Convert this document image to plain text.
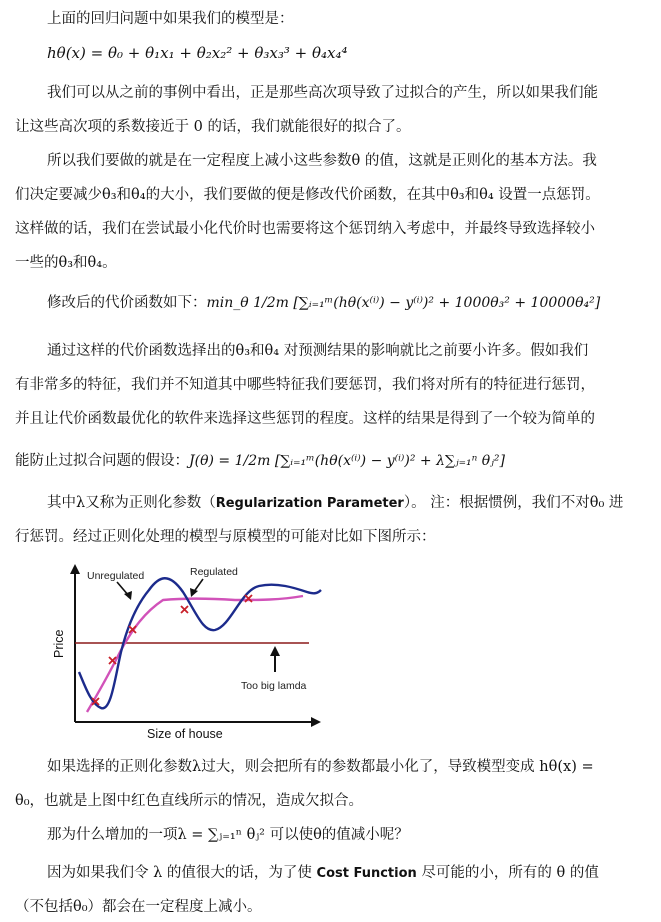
上面的回归问题中如果我们的模型是：
hθ(x) = θ₀ + θ₁x₁ + θ₂x₂² + θ₃x₃³ + θ₄x₄⁴
我们可以从之前的事例中看出，正是那些高次项导致了过拟合的产生，所以如果我们能
让这些高次项的系数接近于 0 的话，我们就能很好的拟合了。
所以我们要做的就是在一定程度上减小这些参数θ 的值，这就是正则化的基本方法。我
们决定要减少θ₃和θ₄的大小，我们要做的便是修改代价函数，在其中θ₃和θ₄ 设置一点惩罚。
这样做的话，我们在尝试最小化代价时也需要将这个惩罚纳入考虑中，并最终导致选择较小
一些的θ₃和θ₄。
修改后的代价函数如下：min_θ 1/2m [∑ᵢ₌₁ᵐ(hθ(x⁽ⁱ⁾) − y⁽ⁱ⁾)² + 1000θ₃² + 10000θ₄²]
通过这样的代价函数选择出的θ₃和θ₄ 对预测结果的影响就比之前要小许多。假如我们
有非常多的特征，我们并不知道其中哪些特征我们要惩罚，我们将对所有的特征进行惩罚，
并且让代价函数最优化的软件来选择这些惩罚的程度。这样的结果是得到了一个较为简单的
能防止过拟合问题的假设：J(θ) = 1/2m [∑ᵢ₌₁ᵐ(hθ(x⁽ⁱ⁾) − y⁽ⁱ⁾)² + λ∑ⱼ₌₁ⁿ θⱼ²]
其中λ又称为正则化参数（Regularization Parameter）。 注：根据惯例，我们不对θ₀ 进
行惩罚。经过正则化处理的模型与原模型的可能对比如下图所示：
Unregulated	Regulated
Too big lamda
Price
Size of house
如果选择的正则化参数λ过大，则会把所有的参数都最小化了，导致模型变成 hθ(x) =
θ₀，也就是上图中红色直线所示的情况，造成欠拟合。
那为什么增加的一项λ = ∑ⱼ₌₁ⁿ θⱼ² 可以使θ的值减小呢？
因为如果我们令 λ 的值很大的话，为了使 Cost Function 尽可能的小，所有的 θ 的值
（不包括θ₀）都会在一定程度上减小。
